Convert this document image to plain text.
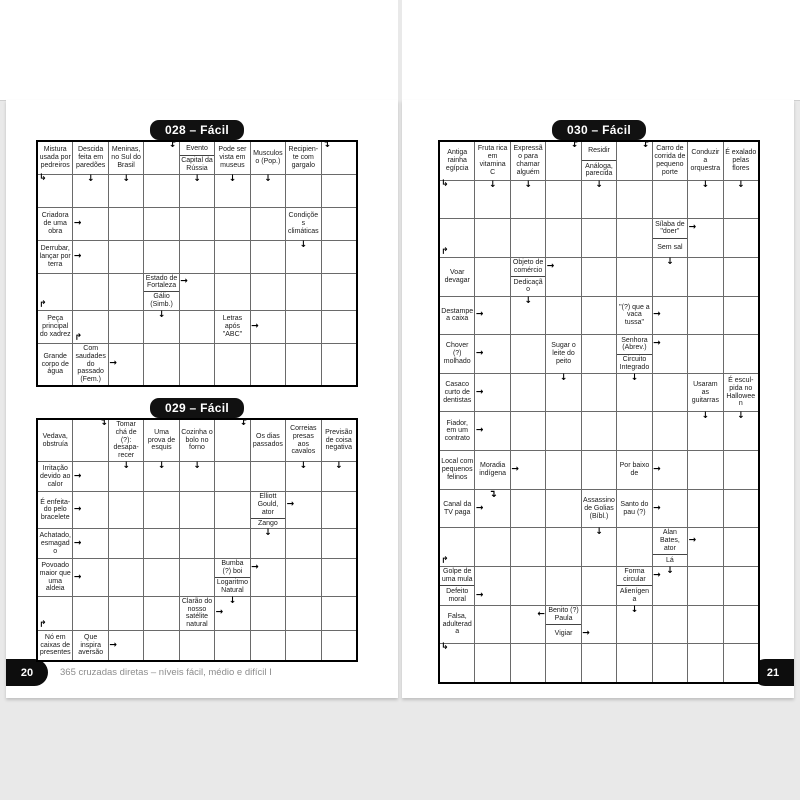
028 – Fácil
Mistura usada por pedreiros
Descida feita em paredões
Meninas, no Sul do Brasil
↴ Evento
Capital da Rússia
Pode ser vista em museus
Musculoso (Pop.)
Recipien-te com gargalo
↴
↳	↓	↓	↓	↓	↓
Criadora de uma obra
→
Condições climáticas
Derrubar, lançar por terra
→
↓
↱
Estado de Fortaleza →
Gálio (Simb.)
Peça principal do xadrez ↱
↓	Letras após "ABC"
→
Grande corpo de água
Com saudades do passado (Fem.)
→
029 – Fácil
Vedava, obstruía
↴	Tomar chá de (?): desapa-recer
Uma prova de esquis
Cozinha o bolo no forno
↴
Os dias passados
Correias presas aos cavalos
Previsão de coisa negativa
Irritação devido ao calor
→
↓	↓	↓	↓	↓
É enfeita-do pelo bracelete
→
Elliott Gould, ator
→
Zango
Achatado, esmagado
→
↓
Povoado maior que uma aldeia
→
Bumba (?) boi →
Logaritmo Natural
↱
Clarão do nosso satélite natural
→
↓
Nó em caixas de presentes
Que inspira aversão
→
20	365 cruzadas diretas – níveis fácil, médio e difícil I
030 – Fácil
Antiga rainha egípcia
Fruta rica em vitamina C
Expressão para chamar alguém
↴
Residir
Análoga, parecida
↴ Carro de corrida de pequeno porte
Conduzir a orquestra
É exalado pelas flores
↳	↓	↓	↓	↓	↓
↱
Sílaba de "doer"	→
Sem sal
Voar devagar
Objeto de comércio →
Dedicação
↓
Destampe a caixa →
↓
"(?) que a vaca tussa"
→
Chover (?) molhado
→
Sugar o leite do peito
Senhora (Abrev.) →
Circuito Integrado
Casaco curto de dentistas
→
↓	↓
Usaram as guitarras
É escul-pida no Halloween
Fiador, em um contrato
→
↓	↓
Local com pequenos felinos
Moradia indígena →	Por baixo de	→
Canal da TV paga →
↴
Assassino de Golias (Bíbl.)
Santo do pau (?) →
↱
↓	Alan Bates, ator
→
Lá
Golpe de uma mula
Defeito moral	→
Forma circular →
Alienígena
↓
Falsa, adulterada
Benito (?) Paula
←
Vigiar →
↓
↳
21
